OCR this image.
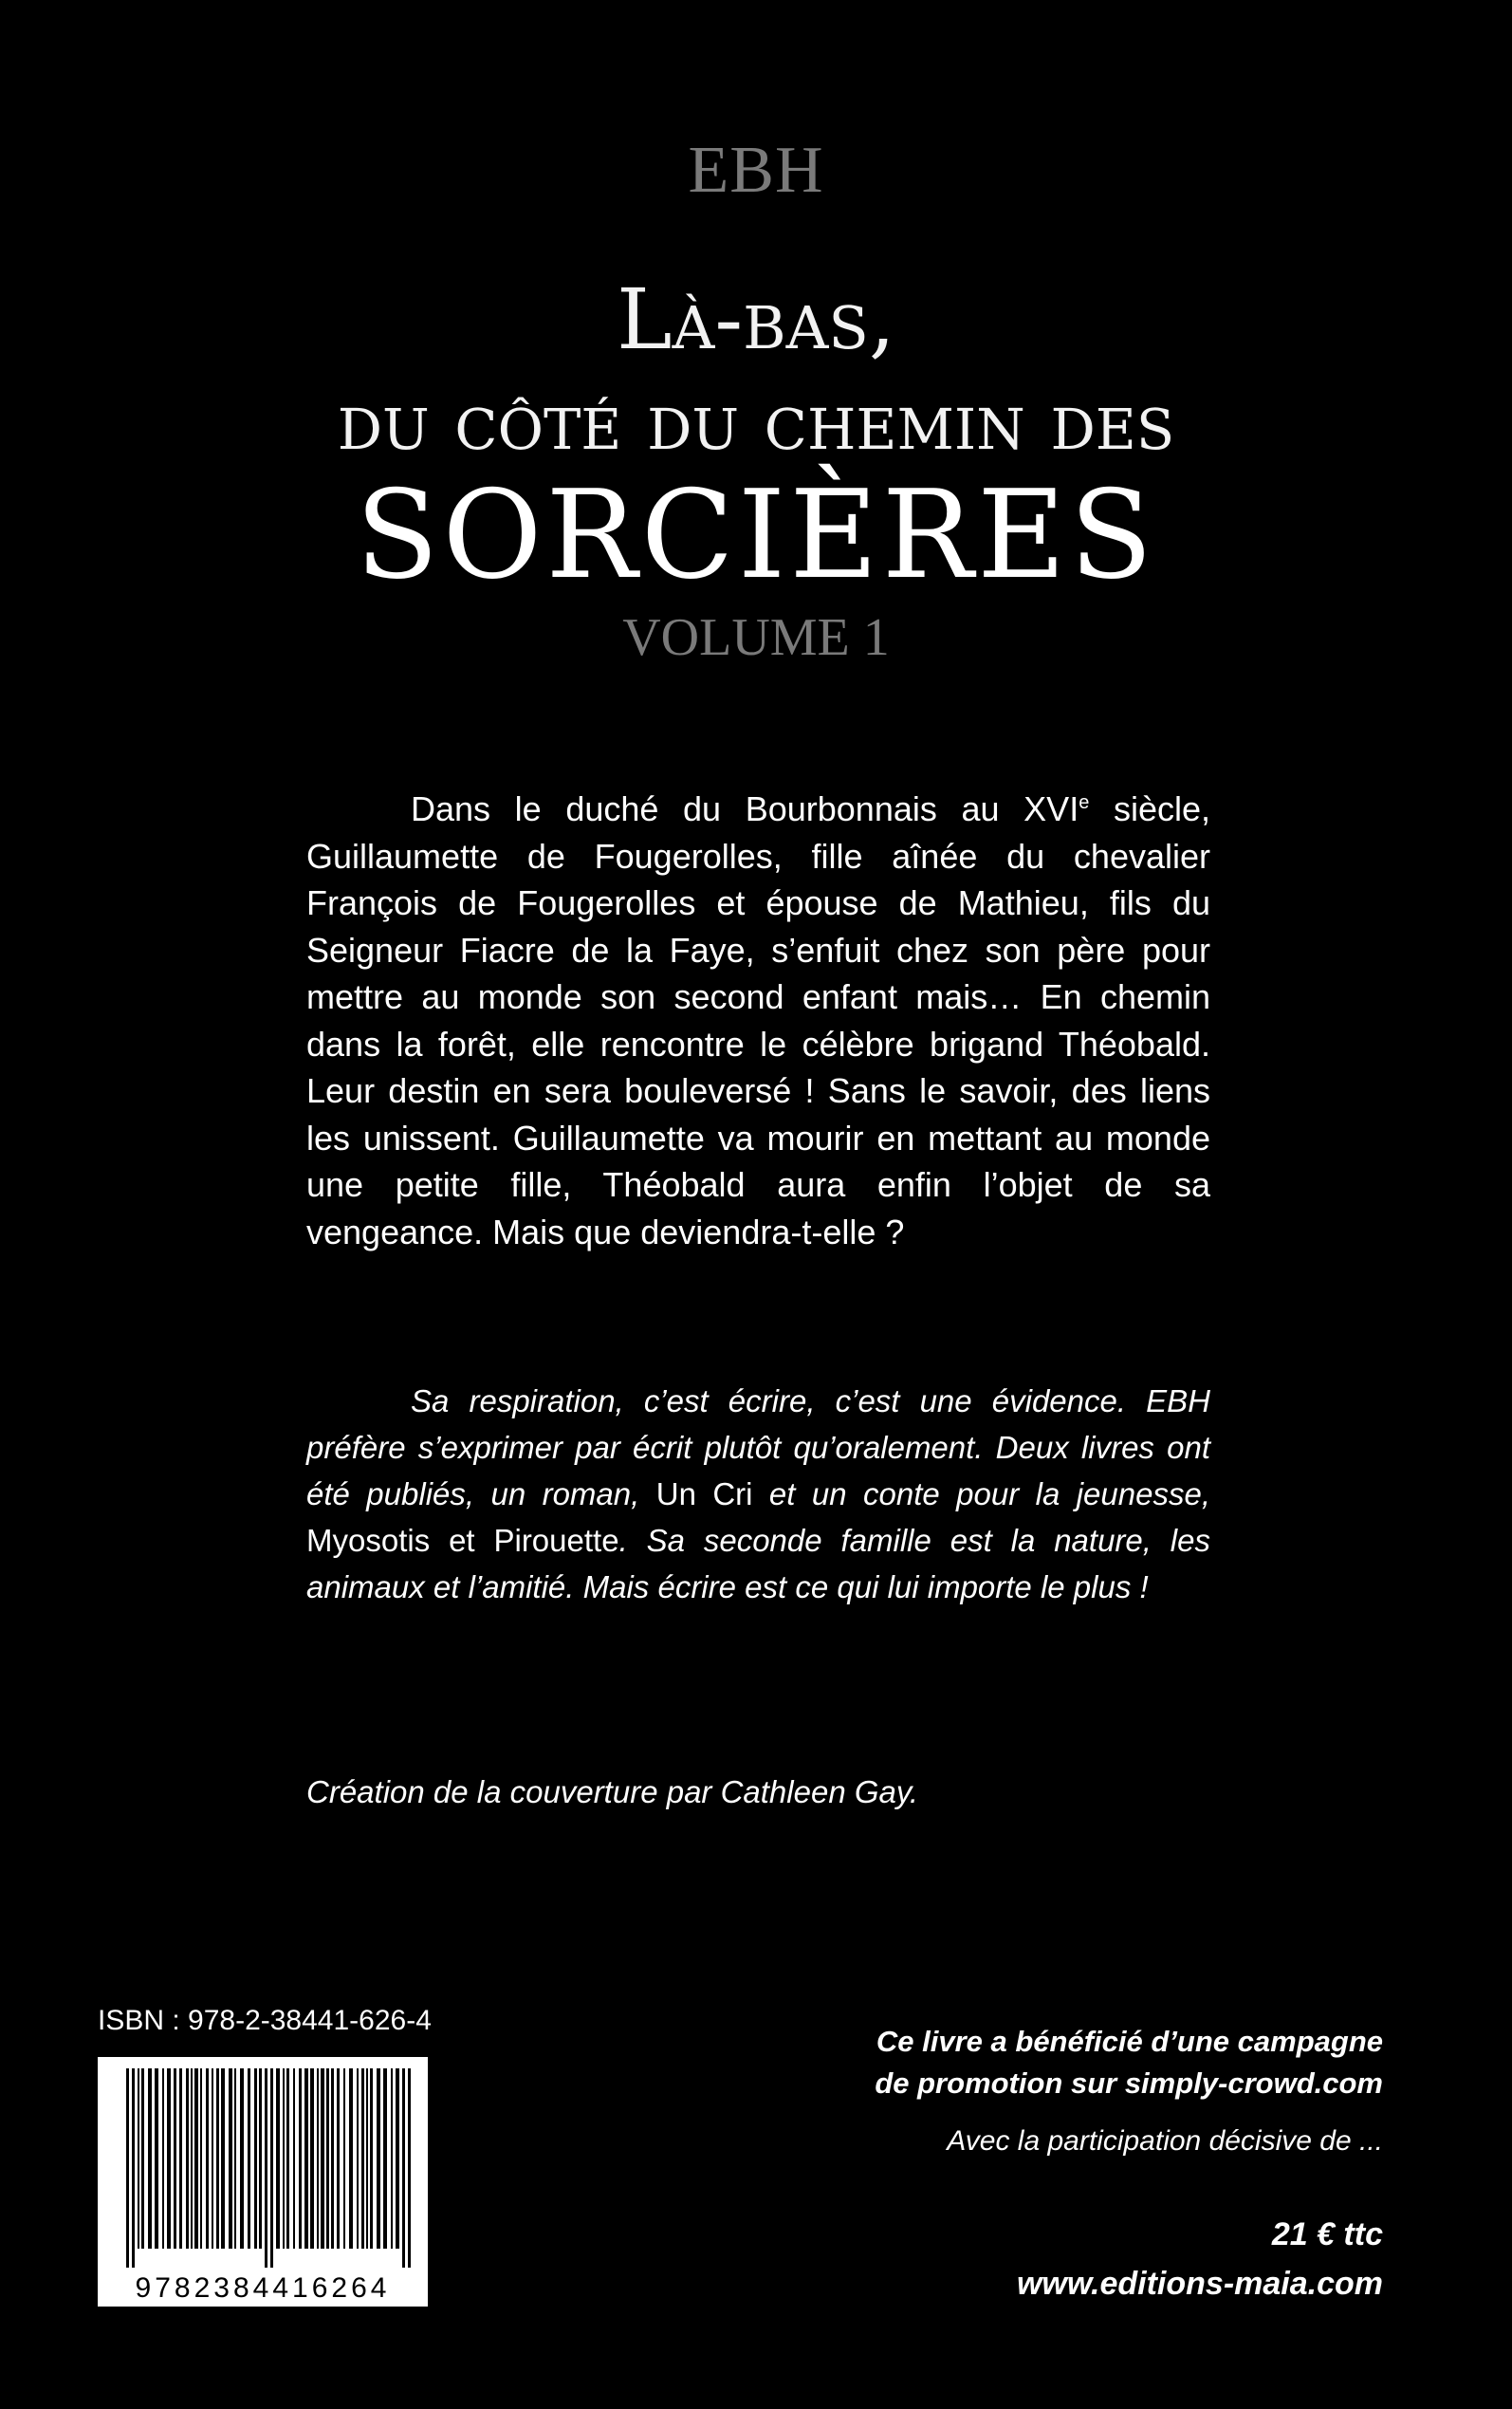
EBH
Là-bas,
du côté du chemin des
SORCIÈRES
VOLUME 1

Dans le duché du Bourbonnais au XVIe siècle, Guillaumette de Fougerolles, fille aînée du chevalier François de Fougerolles et épouse de Mathieu, fils du Seigneur Fiacre de la Faye, s’enfuit chez son père pour mettre au monde son second enfant mais… En chemin dans la forêt, elle rencontre le célèbre brigand Théobald. Leur destin en sera bouleversé ! Sans le savoir, des liens les unissent. Guillaumette va mourir en mettant au monde une petite fille, Théobald aura enfin l’objet de sa vengeance. Mais que deviendra-t-elle ?

Sa respiration, c’est écrire, c’est une évidence. EBH préfère s’exprimer par écrit plutôt qu’oralement. Deux livres ont été publiés, un roman, Un Cri et un conte pour la jeunesse, Myosotis et Pirouette. Sa seconde famille est la nature, les animaux et l’amitié. Mais écrire est ce qui lui importe le plus !

Création de la couverture par Cathleen Gay.
ISBN : 978-2-38441-626-4
9782384416264
Ce livre a bénéficié d’une campagne
de promotion sur simply-crowd.com
Avec la participation décisive de ...
21 € ttc
www.editions-maia.com
